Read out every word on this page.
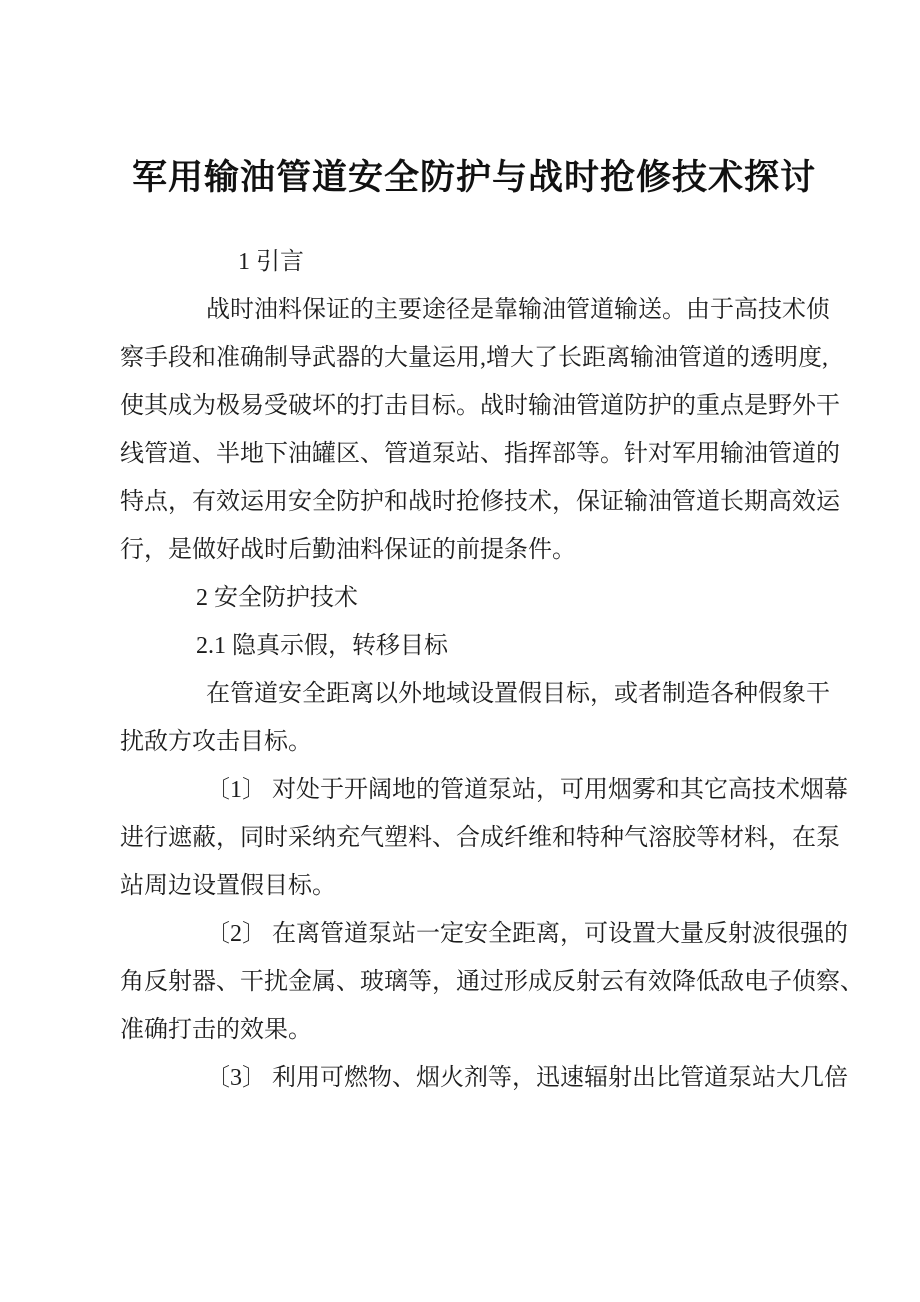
军用输油管道安全防护与战时抢修技术探讨
1 引言
战时油料保证的主要途径是靠输油管道输送。由于高技术侦
察手段和准确制导武器的大量运用,增大了长距离输油管道的透明度,
使其成为极易受破坏的打击目标。战时输油管道防护的重点是野外干
线管道、半地下油罐区、管道泵站、指挥部等。针对军用输油管道的
特点，有效运用安全防护和战时抢修技术，保证输油管道长期高效运
行，是做好战时后勤油料保证的前提条件。
2 安全防护技术
2.1 隐真示假，转移目标
在管道安全距离以外地域设置假目标，或者制造各种假象干
扰敌方攻击目标。
〔1〕 对处于开阔地的管道泵站，可用烟雾和其它高技术烟幕
进行遮蔽，同时采纳充气塑料、合成纤维和特种气溶胶等材料，在泵
站周边设置假目标。
〔2〕 在离管道泵站一定安全距离，可设置大量反射波很强的
角反射器、干扰金属、玻璃等，通过形成反射云有效降低敌电子侦察、
准确打击的效果。
〔3〕 利用可燃物、烟火剂等，迅速辐射出比管道泵站大几倍
